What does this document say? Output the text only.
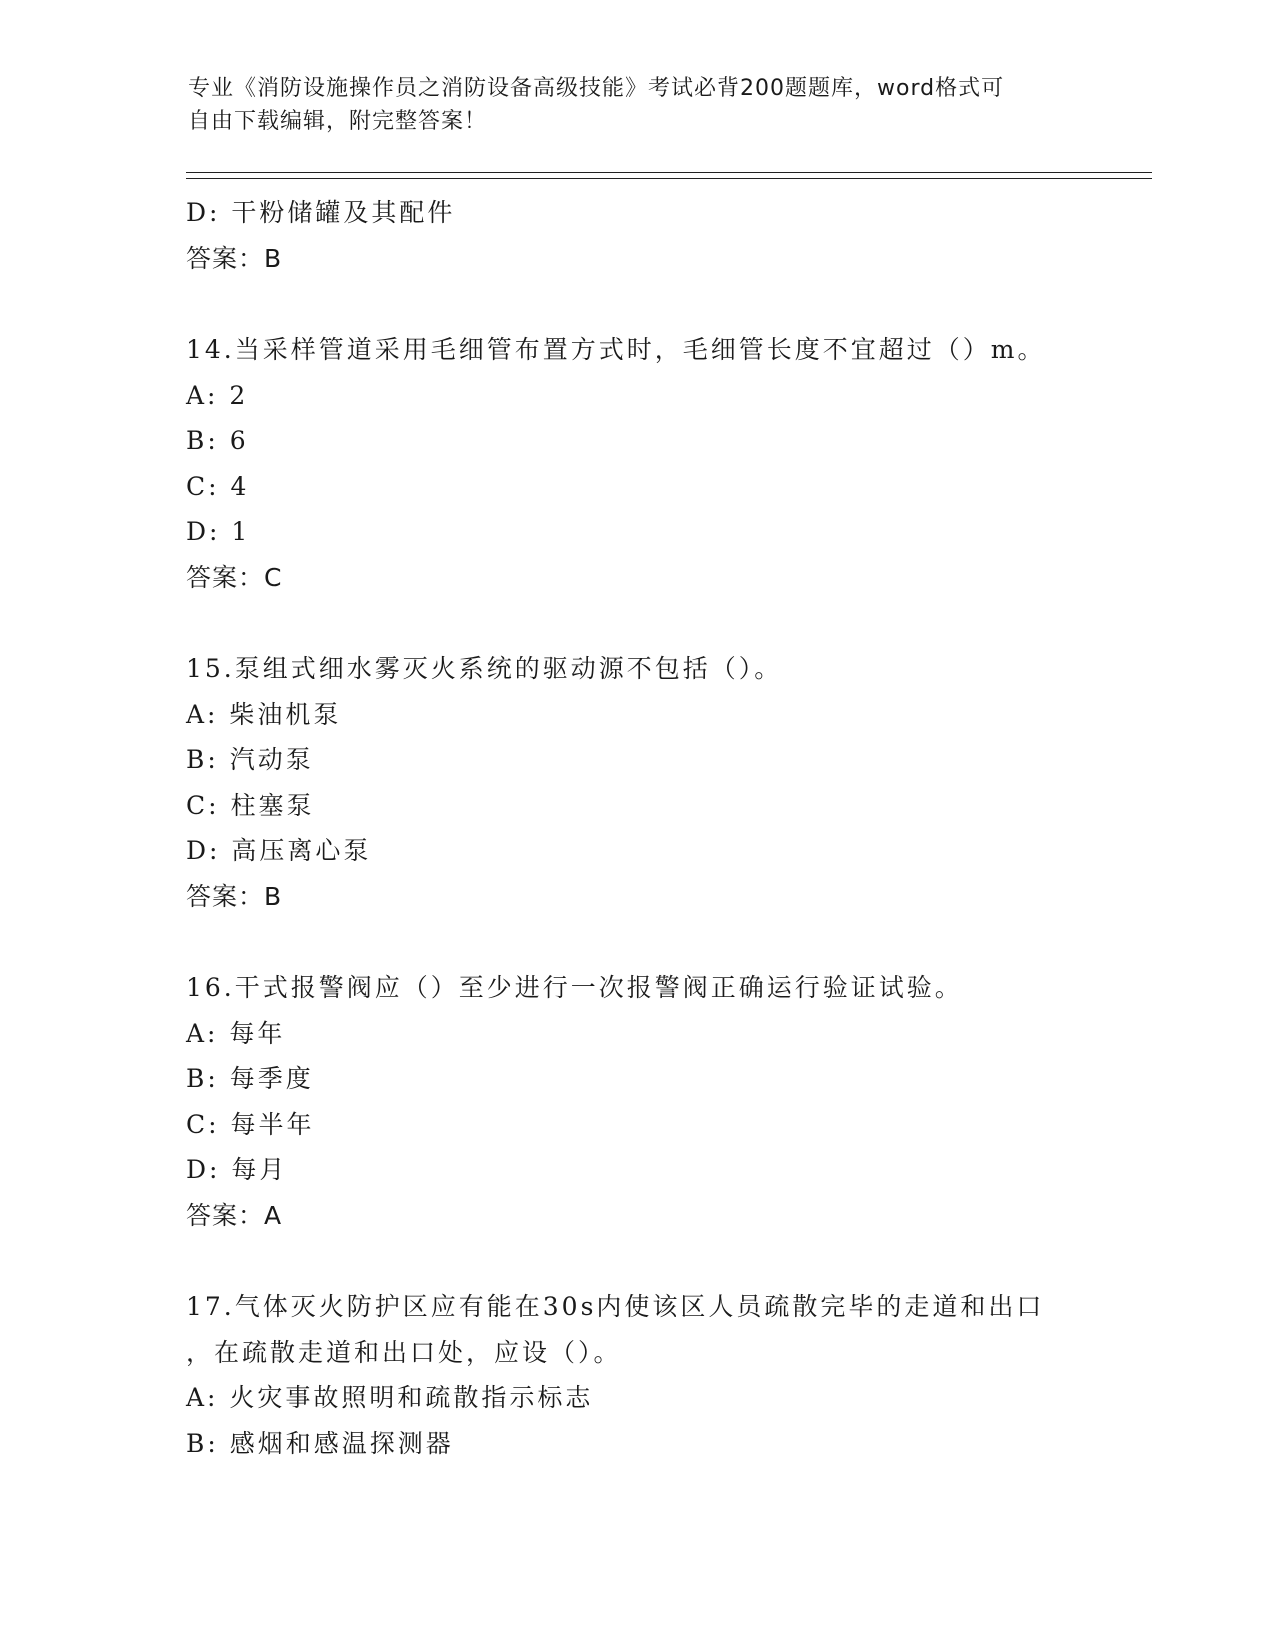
专业《消防设施操作员之消防设备高级技能》考试必背200题题库，word格式可
自由下载编辑，附完整答案！
D: 干粉储罐及其配件
答案：B
14.当采样管道采用毛细管布置方式时，毛细管长度不宜超过（）m。
A: 2
B: 6
C: 4
D: 1
答案：C
15.泵组式细水雾灭火系统的驱动源不包括（）。
A: 柴油机泵
B: 汽动泵
C: 柱塞泵
D: 高压离心泵
答案：B
16.干式报警阀应（）至少进行一次报警阀正确运行验证试验。
A: 每年
B: 每季度
C: 每半年
D: 每月
答案：A
17.气体灭火防护区应有能在30s内使该区人员疏散完毕的走道和出口
，在疏散走道和出口处，应设（）。
A: 火灾事故照明和疏散指示标志
B: 感烟和感温探测器
